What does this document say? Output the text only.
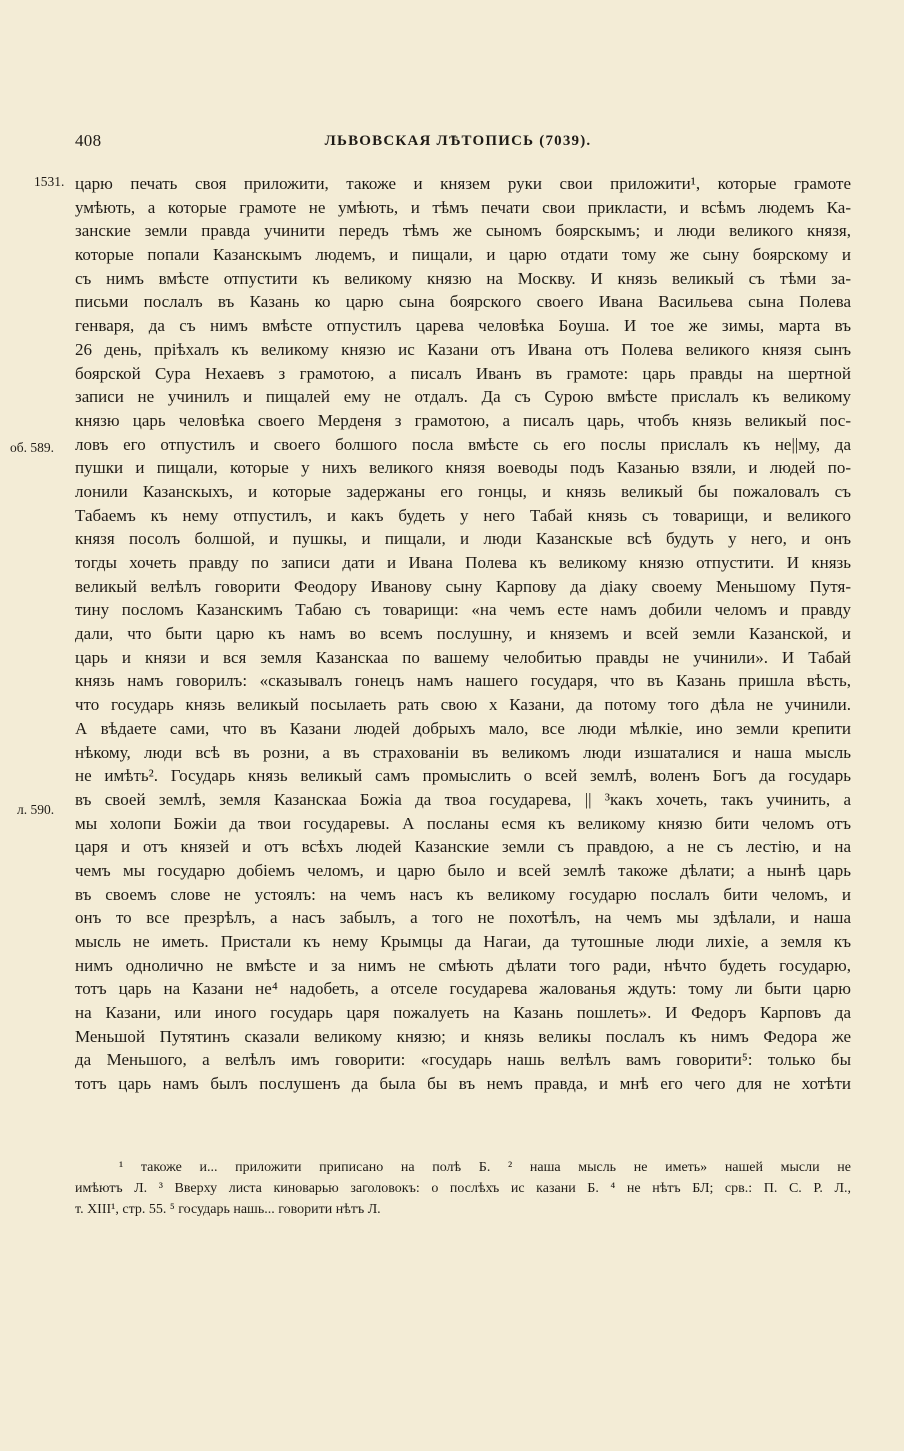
408	ЛЬВОВСКАЯ ЛѢТОПИСЬ (7039).
1531.
об. 589.
л. 590.
царю печать своя приложити, такоже и князем руки свои приложити¹, которые грамоте
умѣють, а которые грамоте не умѣють, и тѣмъ печати свои прикласти, и всѣмъ людемъ Ка-
занские земли правда учинити передъ тѣмъ же сыномъ боярскымъ; и люди великого князя,
которые попали Казанскымъ людемъ, и пищали, и царю отдати тому же сыну боярскому и
съ нимъ вмѣсте отпустити къ великому князю на Москву. И князь великый съ тѣми за-
письми послалъ въ Казань ко царю сына боярского своего Ивана Васильева сына Полева
генваря, да съ нимъ вмѣсте отпустилъ царева человѣка Боуша. И тое же зимы, марта въ
26 день, пріѣхалъ къ великому князю ис Казани отъ Ивана отъ Полева великого князя сынъ
боярской Сура Нехаевъ з грамотою, а писалъ Иванъ въ грамоте: царь правды на шертной
записи не учинилъ и пищалей ему не отдалъ. Да съ Сурою вмѣсте прислалъ къ великому
князю царь человѣка своего Мерденя з грамотою, а писалъ царь, чтобъ князь великый пос-
ловъ его отпустилъ и своего болшого посла вмѣсте сь его послы прислалъ къ не||му, да
пушки и пищали, которые у нихъ великого князя воеводы подъ Казанью взяли, и людей по-
лонили Казанскыхъ, и которые задержаны его гонцы, и князь великый бы пожаловалъ съ
Табаемъ къ нему отпустилъ, и какъ будеть у него Табай князь съ товарищи, и великого
князя посолъ болшой, и пушкы, и пищали, и люди Казанскые всѣ будуть у него, и онъ
тогды хочеть правду по записи дати и Ивана Полева къ великому князю отпустити. И князь
великый велѣлъ говорити Феодору Иванову сыну Карпову да діаку своему Меньшому Путя-
тину посломъ Казанскимъ Табаю съ товарищи: «на чемъ есте намъ добили челомъ и правду
дали, что быти царю къ намъ во всемъ послушну, и княземъ и всей земли Казанской, и
царь и князи и вся земля Казанскаа по вашему челобитью правды не учинили». И Табай
князь намъ говорилъ: «сказывалъ гонецъ намъ нашего государя, что въ Казань пришла вѣсть,
что государь князь великый посылаеть рать свою х Казани, да потому того дѣла не учинили.
А вѣдаете сами, что въ Казани людей добрыхъ мало, все люди мѣлкіе, ино земли крепити
нѣкому, люди всѣ въ розни, а въ страхованіи въ великомъ люди изшаталися и наша мысль
не имѣть². Государь князь великый самъ промыслить о всей землѣ, воленъ Богъ да государь
въ своей землѣ, земля Казанскаа Божіа да твоа государева, || ³какъ хочеть, такъ учинить, а
мы холопи Божіи да твои государевы. А посланы есмя къ великому князю бити челомъ отъ
царя и отъ князей и отъ всѣхъ людей Казанские земли съ правдою, а не съ лестію, и на
чемъ мы государю добіемъ челомъ, и царю было и всей землѣ такоже дѣлати; а нынѣ царь
въ своемъ слове не устоялъ: на чемъ насъ къ великому государю послалъ бити челомъ, и
онъ то все презрѣлъ, а насъ забылъ, а того не похотѣлъ, на чемъ мы здѣлали, и наша
мысль не иметь. Пристали къ нему Крымцы да Нагаи, да тутошные люди лихіе, а земля къ
нимъ однолично не вмѣсте и за нимъ не смѣють дѣлати того ради, нѣчто будеть государю,
тотъ царь на Казани не⁴ надобеть, а отселе государева жалованья ждуть: тому ли быти царю
на Казани, или иного государь царя пожалуеть на Казань пошлеть». И Федоръ Карповъ да
Меньшой Путятинъ сказали великому князю; и князь великы послалъ къ нимъ Федора же
да Меньшого, а велѣлъ имъ говорити: «государь нашь велѣлъ вамъ говорити⁵: только бы
тотъ царь намъ былъ послушенъ да была бы въ немъ правда, и мнѣ его чего для не хотѣти
¹ такоже и... приложити приписано на полѣ Б. ² наша мысль не иметь» нашей мысли не
имѣютъ Л. ³ Вверху листа киноварью заголовокъ: о послѣхъ ис казани Б. ⁴ не нѣтъ БЛ; срв.: П. С. Р. Л.,
т. XIII¹, стр. 55. ⁵ государь нашь... говорити нѣтъ Л.
